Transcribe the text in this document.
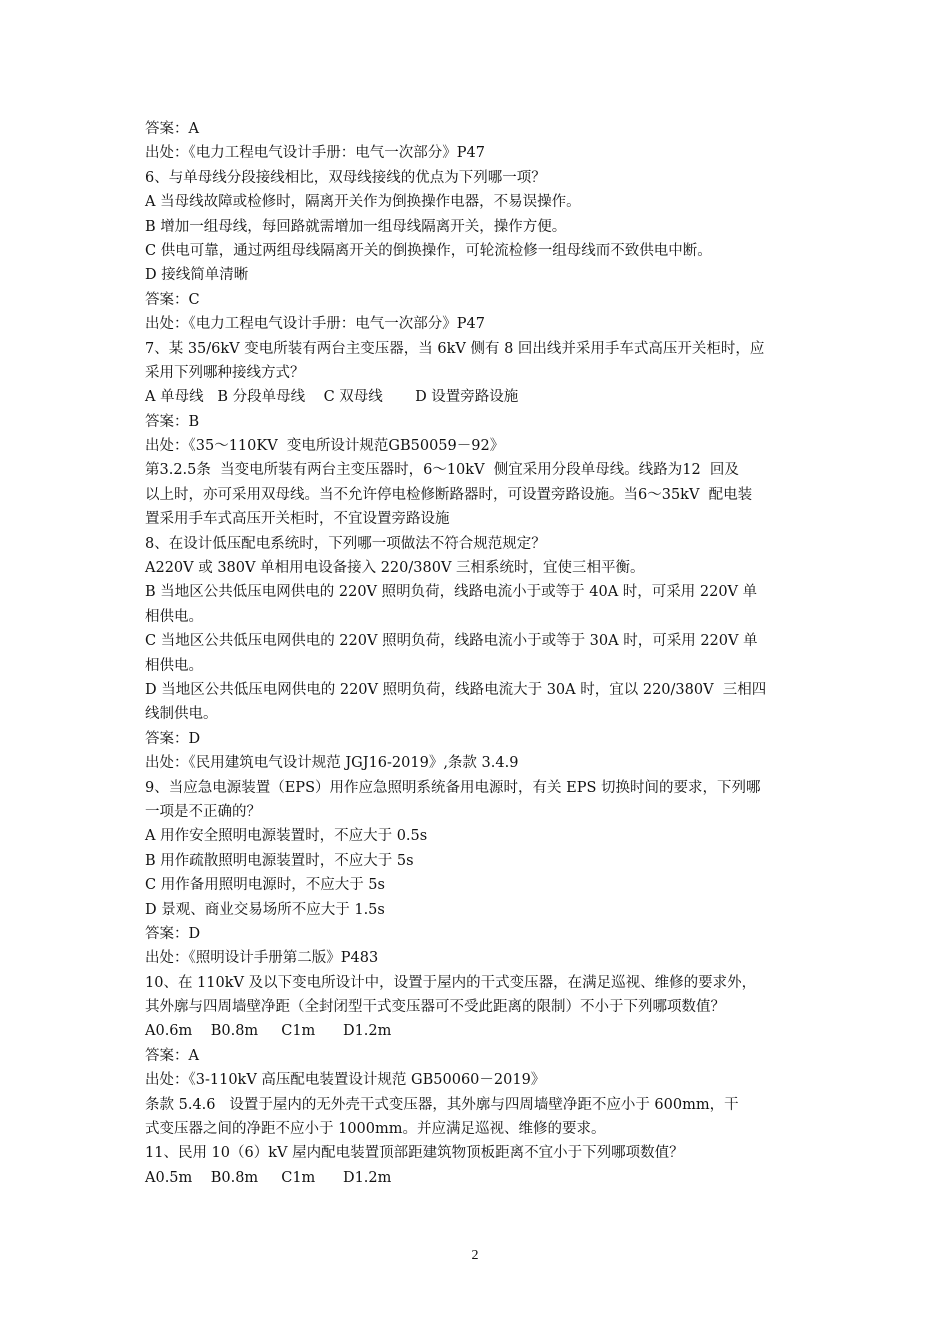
答案：A
出处：《电力工程电气设计手册：电气一次部分》P47
6、与单母线分段接线相比，双母线接线的优点为下列哪一项？
A 当母线故障或检修时，隔离开关作为倒换操作电器，不易误操作。
B 增加一组母线，每回路就需增加一组母线隔离开关，操作方便。
C 供电可靠，通过两组母线隔离开关的倒换操作，可轮流检修一组母线而不致供电中断。
D 接线简单清晰
答案：C
出处：《电力工程电气设计手册：电气一次部分》P47
7、某 35/6kV 变电所装有两台主变压器，当 6kV 侧有 8 回出线并采用手车式高压开关柜时，应
采用下列哪种接线方式？
A 单母线   B 分段单母线    C 双母线       D 设置旁路设施
答案：B
出处：《35～110KV  变电所设计规范GB50059－92》
第3.2.5条  当变电所装有两台主变压器时，6～10kV  侧宜采用分段单母线。线路为12  回及
以上时，亦可采用双母线。当不允许停电检修断路器时，可设置旁路设施。当6～35kV  配电装
置采用手车式高压开关柜时，不宜设置旁路设施
8、在设计低压配电系统时，下列哪一项做法不符合规范规定？
A220V 或 380V 单相用电设备接入 220/380V 三相系统时，宜使三相平衡。
B 当地区公共低压电网供电的 220V 照明负荷，线路电流小于或等于 40A 时，可采用 220V 单
相供电。
C 当地区公共低压电网供电的 220V 照明负荷，线路电流小于或等于 30A 时，可采用 220V 单
相供电。
D 当地区公共低压电网供电的 220V 照明负荷，线路电流大于 30A 时，宜以 220/380V  三相四
线制供电。
答案：D
出处：《民用建筑电气设计规范 JGJ16-2019》,条款 3.4.9
9、当应急电源装置（EPS）用作应急照明系统备用电源时，有关 EPS 切换时间的要求，下列哪
一项是不正确的？
A 用作安全照明电源装置时，不应大于 0.5s
B 用作疏散照明电源装置时，不应大于 5s
C 用作备用照明电源时，不应大于 5s
D 景观、商业交易场所不应大于 1.5s
答案：D
出处：《照明设计手册第二版》P483
10、在 110kV 及以下变电所设计中，设置于屋内的干式变压器，在满足巡视、维修的要求外，
其外廓与四周墙壁净距（全封闭型干式变压器可不受此距离的限制）不小于下列哪项数值？
A0.6m    B0.8m     C1m      D1.2m
答案：A
出处：《3-110kV 高压配电装置设计规范 GB50060－2019》
条款 5.4.6   设置于屋内的无外壳干式变压器，其外廓与四周墙壁净距不应小于 600mm，干
式变压器之间的净距不应小于 1000mm。并应满足巡视、维修的要求。
11、民用 10（6）kV 屋内配电装置顶部距建筑物顶板距离不宜小于下列哪项数值？
A0.5m    B0.8m     C1m      D1.2m
2
